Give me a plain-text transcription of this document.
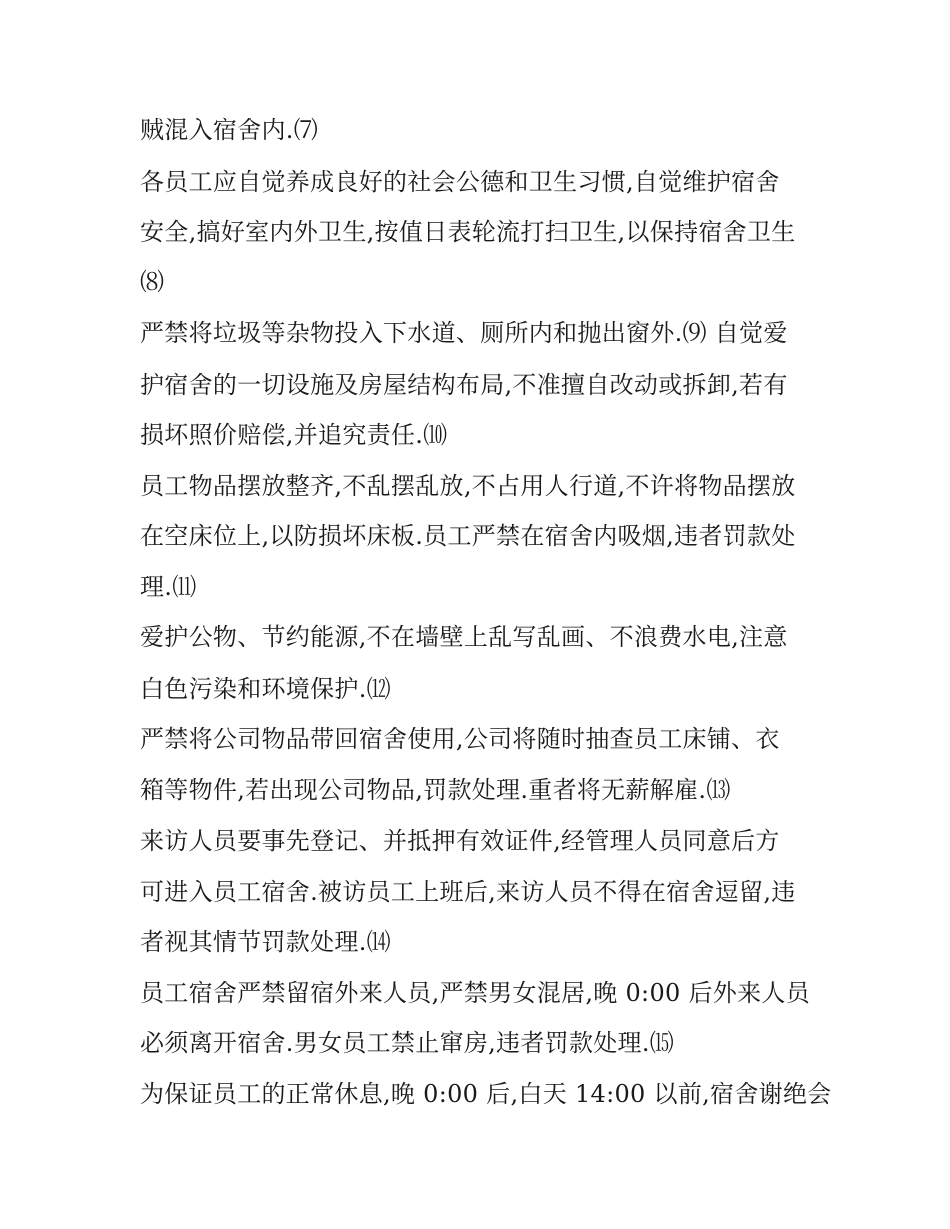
贼混入宿舍内.⑺
各员工应自觉养成良好的社会公德和卫生习惯,自觉维护宿舍
安全,搞好室内外卫生,按值日表轮流打扫卫生,以保持宿舍卫生
⑻
严禁将垃圾等杂物投入下水道、厕所内和抛出窗外.⑼ 自觉爱
护宿舍的一切设施及房屋结构布局,不准擅自改动或拆卸,若有
损坏照价赔偿,并追究责任.⑽
员工物品摆放整齐,不乱摆乱放,不占用人行道,不许将物品摆放
在空床位上,以防损坏床板.员工严禁在宿舍内吸烟,违者罚款处
理.⑾
爱护公物、节约能源,不在墙壁上乱写乱画、不浪费水电,注意
白色污染和环境保护.⑿
严禁将公司物品带回宿舍使用,公司将随时抽查员工床铺、衣
箱等物件,若出现公司物品,罚款处理.重者将无薪解雇.⒀
来访人员要事先登记、并抵押有效证件,经管理人员同意后方
可进入员工宿舍.被访员工上班后,来访人员不得在宿舍逗留,违
者视其情节罚款处理.⒁
员工宿舍严禁留宿外来人员,严禁男女混居,晚 0:00 后外来人员
必须离开宿舍.男女员工禁止窜房,违者罚款处理.⒂
为保证员工的正常休息,晚 0:00 后,白天 14:00 以前,宿舍谢绝会
